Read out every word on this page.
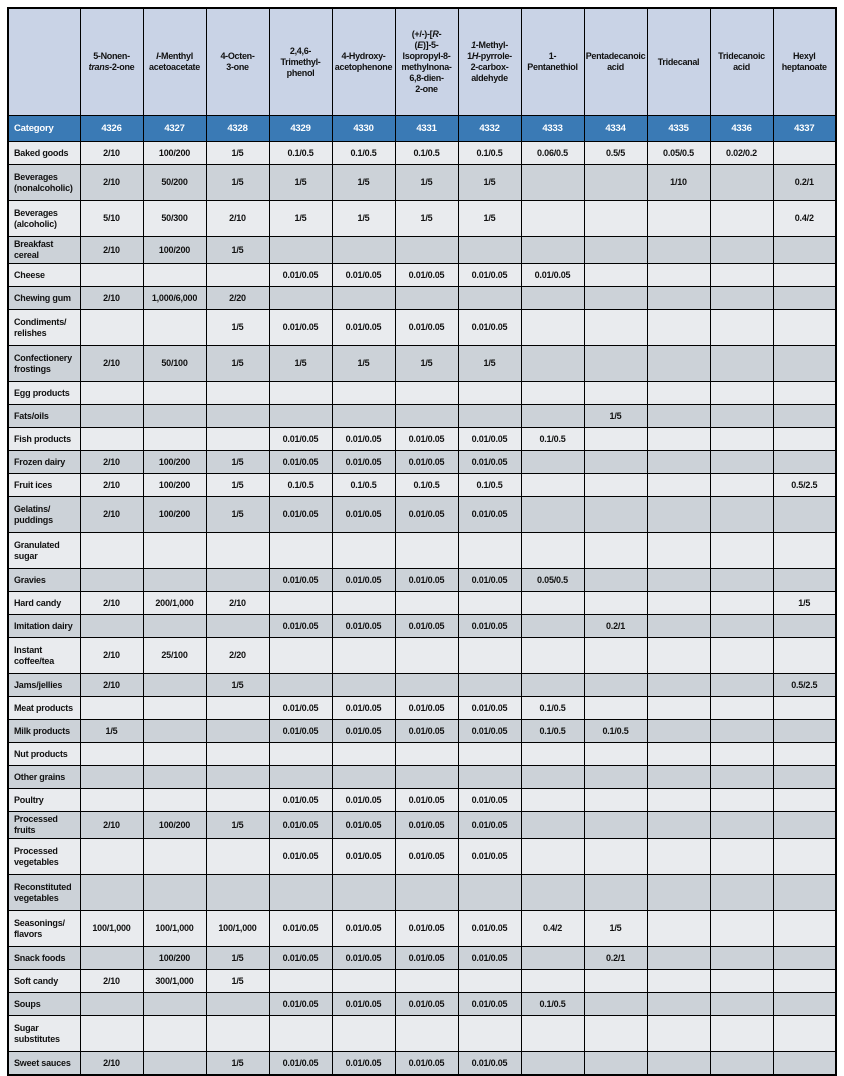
	5-Nonen-
trans-2-one	l-Menthyl
acetoacetate	4-Octen-
3-one	2,4,6-
Trimethyl-
phenol	4-Hydroxy-
acetophenone	(+/-)-[R-
(E)]-5-
Isopropyl-8-
methylnona-
6,8-dien-
2-one	1-Methyl-
1H-pyrrole-
2-carbox-
aldehyde	1-
Pentanethiol	Pentadecanoic
acid	Tridecanal	Tridecanoic
acid	Hexyl
heptanoate
Category	4326	4327	4328	4329	4330	4331	4332	4333	4334	4335	4336	4337
Baked goods	2/10	100/200	1/5	0.1/0.5	0.1/0.5	0.1/0.5	0.1/0.5	0.06/0.5	0.5/5	0.05/0.5	0.02/0.2	
Beverages
(nonalcoholic)	2/10	50/200	1/5	1/5	1/5	1/5	1/5			1/10		0.2/1
Beverages
(alcoholic)	5/10	50/300	2/10	1/5	1/5	1/5	1/5					0.4/2
Breakfast cereal	2/10	100/200	1/5									
Cheese				0.01/0.05	0.01/0.05	0.01/0.05	0.01/0.05	0.01/0.05				
Chewing gum	2/10	1,000/6,000	2/20									
Condiments/
relishes			1/5	0.01/0.05	0.01/0.05	0.01/0.05	0.01/0.05					
Confectionery
frostings	2/10	50/100	1/5	1/5	1/5	1/5	1/5					
Egg products												
Fats/oils									1/5			
Fish products				0.01/0.05	0.01/0.05	0.01/0.05	0.01/0.05	0.1/0.5				
Frozen dairy	2/10	100/200	1/5	0.01/0.05	0.01/0.05	0.01/0.05	0.01/0.05					
Fruit ices	2/10	100/200	1/5	0.1/0.5	0.1/0.5	0.1/0.5	0.1/0.5					0.5/2.5
Gelatins/
puddings	2/10	100/200	1/5	0.01/0.05	0.01/0.05	0.01/0.05	0.01/0.05					
Granulated
sugar												
Gravies				0.01/0.05	0.01/0.05	0.01/0.05	0.01/0.05	0.05/0.5				
Hard candy	2/10	200/1,000	2/10									1/5
Imitation dairy				0.01/0.05	0.01/0.05	0.01/0.05	0.01/0.05		0.2/1			
Instant
coffee/tea	2/10	25/100	2/20									
Jams/jellies	2/10		1/5									0.5/2.5
Meat products				0.01/0.05	0.01/0.05	0.01/0.05	0.01/0.05	0.1/0.5				
Milk products	1/5			0.01/0.05	0.01/0.05	0.01/0.05	0.01/0.05	0.1/0.5	0.1/0.5			
Nut products												
Other grains												
Poultry				0.01/0.05	0.01/0.05	0.01/0.05	0.01/0.05					
Processed fruits	2/10	100/200	1/5	0.01/0.05	0.01/0.05	0.01/0.05	0.01/0.05					
Processed
vegetables				0.01/0.05	0.01/0.05	0.01/0.05	0.01/0.05					
Reconstituted
vegetables												
Seasonings/
flavors	100/1,000	100/1,000	100/1,000	0.01/0.05	0.01/0.05	0.01/0.05	0.01/0.05	0.4/2	1/5			
Snack foods		100/200	1/5	0.01/0.05	0.01/0.05	0.01/0.05	0.01/0.05		0.2/1			
Soft candy	2/10	300/1,000	1/5									
Soups				0.01/0.05	0.01/0.05	0.01/0.05	0.01/0.05	0.1/0.5				
Sugar
substitutes												
Sweet sauces	2/10		1/5	0.01/0.05	0.01/0.05	0.01/0.05	0.01/0.05					
